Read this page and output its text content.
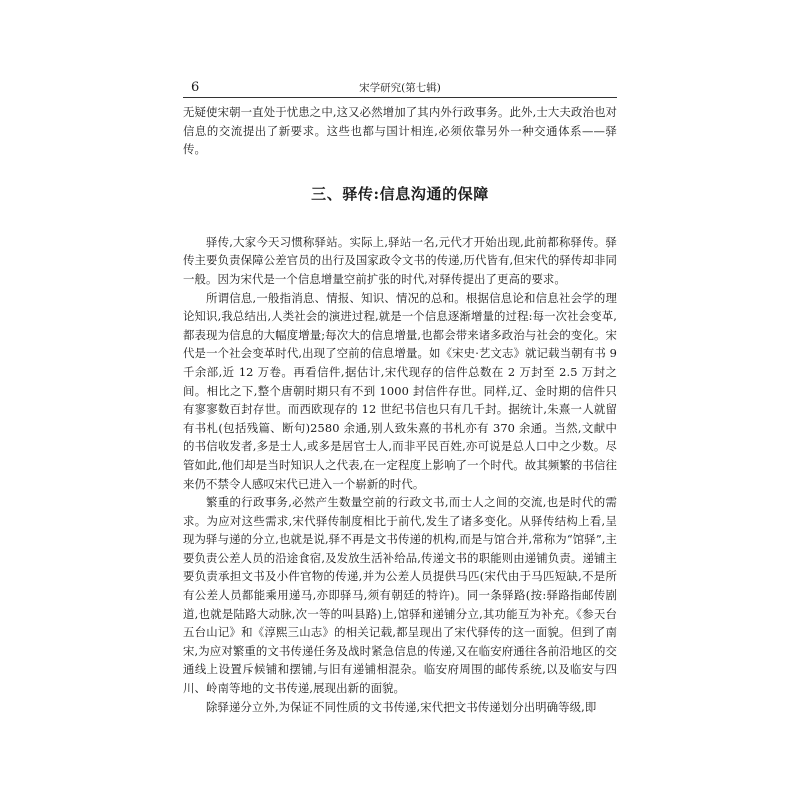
6	宋学研究(第七辑)

无疑使宋朝一直处于忧患之中,这又必然增加了其内外行政事务。此外,士大夫政治也对信息的交流提出了新要求。这些也都与国计相连,必须依靠另外一种交通体系——驿传。

三、驿传:信息沟通的保障

驿传,大家今天习惯称驿站。实际上,驿站一名,元代才开始出现,此前都称驿传。驿传主要负责保障公差官员的出行及国家政令文书的传递,历代皆有,但宋代的驿传却非同一般。因为宋代是一个信息增量空前扩张的时代,对驿传提出了更高的要求。

所谓信息,一般指消息、情报、知识、情况的总和。根据信息论和信息社会学的理论知识,我总结出,人类社会的演进过程,就是一个信息逐渐增量的过程:每一次社会变革,都表现为信息的大幅度增量;每次大的信息增量,也都会带来诸多政治与社会的变化。宋代是一个社会变革时代,出现了空前的信息增量。如《宋史·艺文志》就记载当朝有书 9 千余部,近 12 万卷。再看信件,据估计,宋代现存的信件总数在 2 万封至 2.5 万封之间。相比之下,整个唐朝时期只有不到 1000 封信件存世。同样,辽、金时期的信件只有寥寥数百封存世。而西欧现存的 12 世纪书信也只有几千封。据统计,朱熹一人就留有书札(包括残篇、断句)2580 余通,别人致朱熹的书札亦有 370 余通。当然,文献中的书信收发者,多是士人,或多是居官士人,而非平民百姓,亦可说是总人口中之少数。尽管如此,他们却是当时知识人之代表,在一定程度上影响了一个时代。故其频繁的书信往来仍不禁令人感叹宋代已进入一个崭新的时代。

繁重的行政事务,必然产生数量空前的行政文书,而士人之间的交流,也是时代的需求。为应对这些需求,宋代驿传制度相比于前代,发生了诸多变化。从驿传结构上看,呈现为驿与递的分立,也就是说,驿不再是文书传递的机构,而是与馆合并,常称为“馆驿”,主要负责公差人员的沿途食宿,及发放生活补给品,传递文书的职能则由递铺负责。递铺主要负责承担文书及小件官物的传递,并为公差人员提供马匹(宋代由于马匹短缺,不是所有公差人员都能乘用递马,亦即驿马,须有朝廷的特许)。同一条驿路(按:驿路指邮传剧道,也就是陆路大动脉,次一等的叫县路)上,馆驿和递铺分立,其功能互为补充。《参天台五台山记》和《淳熙三山志》的相关记载,都呈现出了宋代驿传的这一面貌。但到了南宋,为应对繁重的文书传递任务及战时紧急信息的传递,又在临安府通往各前沿地区的交通线上设置斥候铺和摆铺,与旧有递铺相混杂。临安府周围的邮传系统,以及临安与四川、岭南等地的文书传递,展现出新的面貌。

除驿递分立外,为保证不同性质的文书传递,宋代把文书传递划分出明确等级,即
